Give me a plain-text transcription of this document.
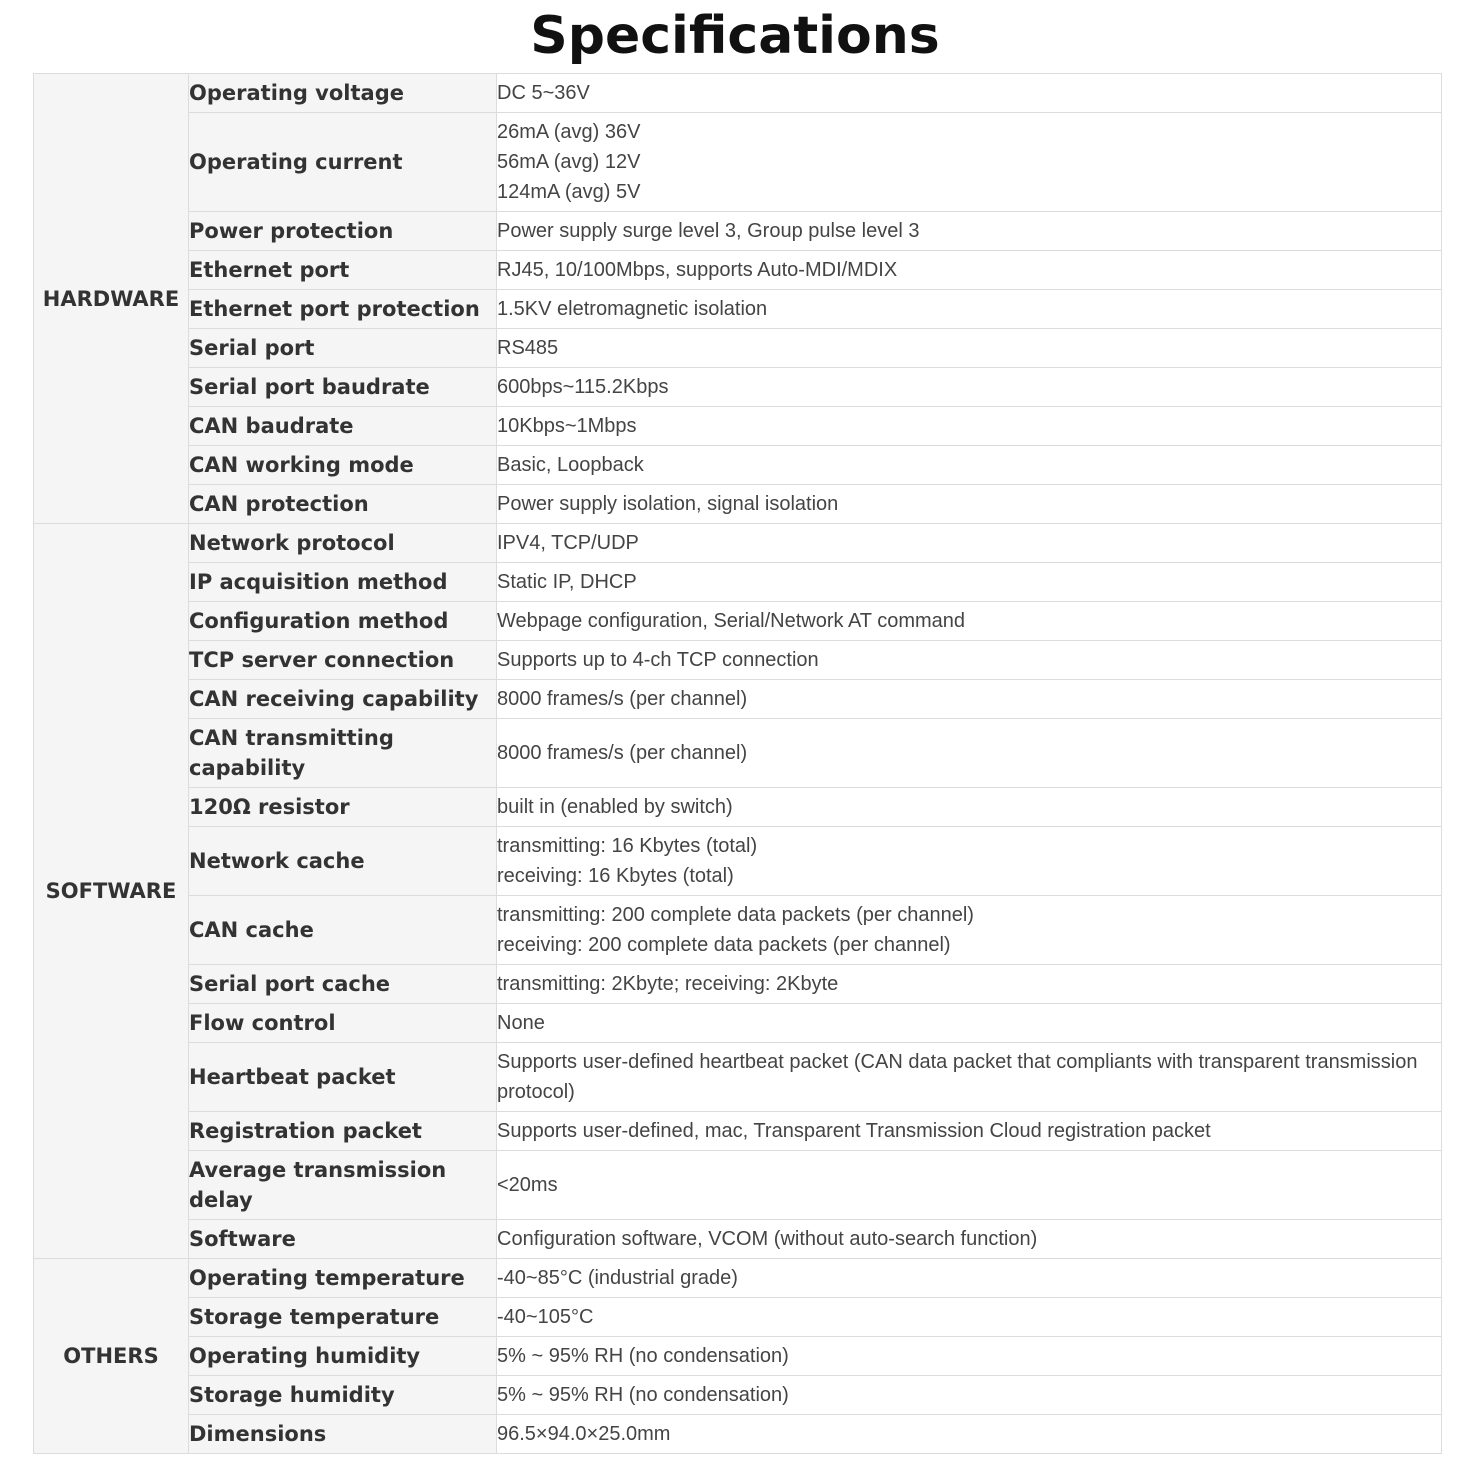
Specifications
HARDWARE	Operating voltage	DC 5~36V

	Operating current	26mA (avg) 36V
56mA (avg) 12V
124mA (avg) 5V

	Power protection	Power supply surge level 3, Group pulse level 3

	Ethernet port	RJ45, 10/100Mbps, supports Auto-MDI/MDIX

	Ethernet port protection	1.5KV eletromagnetic isolation

	Serial port	RS485

	Serial port baudrate	600bps~115.2Kbps

	CAN baudrate	10Kbps~1Mbps

	CAN working mode	Basic, Loopback

	CAN protection	Power supply isolation, signal isolation

SOFTWARE	Network protocol	IPV4, TCP/UDP

	IP acquisition method	Static IP, DHCP

	Configuration method	Webpage configuration, Serial/Network AT command

	TCP server connection	Supports up to 4-ch TCP connection

	CAN receiving capability	8000 frames/s (per channel)

	CAN transmitting capability	8000 frames/s (per channel)

	120Ω resistor	built in (enabled by switch)

	Network cache	transmitting: 16 Kbytes (total)
receiving: 16 Kbytes (total)

	CAN cache	transmitting: 200 complete data packets (per channel)
receiving: 200 complete data packets (per channel)

	Serial port cache	transmitting: 2Kbyte; receiving: 2Kbyte

	Flow control	None

	Heartbeat packet	Supports user-defined heartbeat packet (CAN data packet that compliants with transparent transmission protocol)

	Registration packet	Supports user-defined, mac, Transparent Transmission Cloud registration packet

	Average transmission delay	<20ms

	Software	Configuration software, VCOM (without auto-search function)

OTHERS	Operating temperature	-40~85°C (industrial grade)

	Storage temperature	-40~105°C

	Operating humidity	5% ~ 95% RH (no condensation)

	Storage humidity	5% ~ 95% RH (no condensation)

	Dimensions	96.5×94.0×25.0mm
